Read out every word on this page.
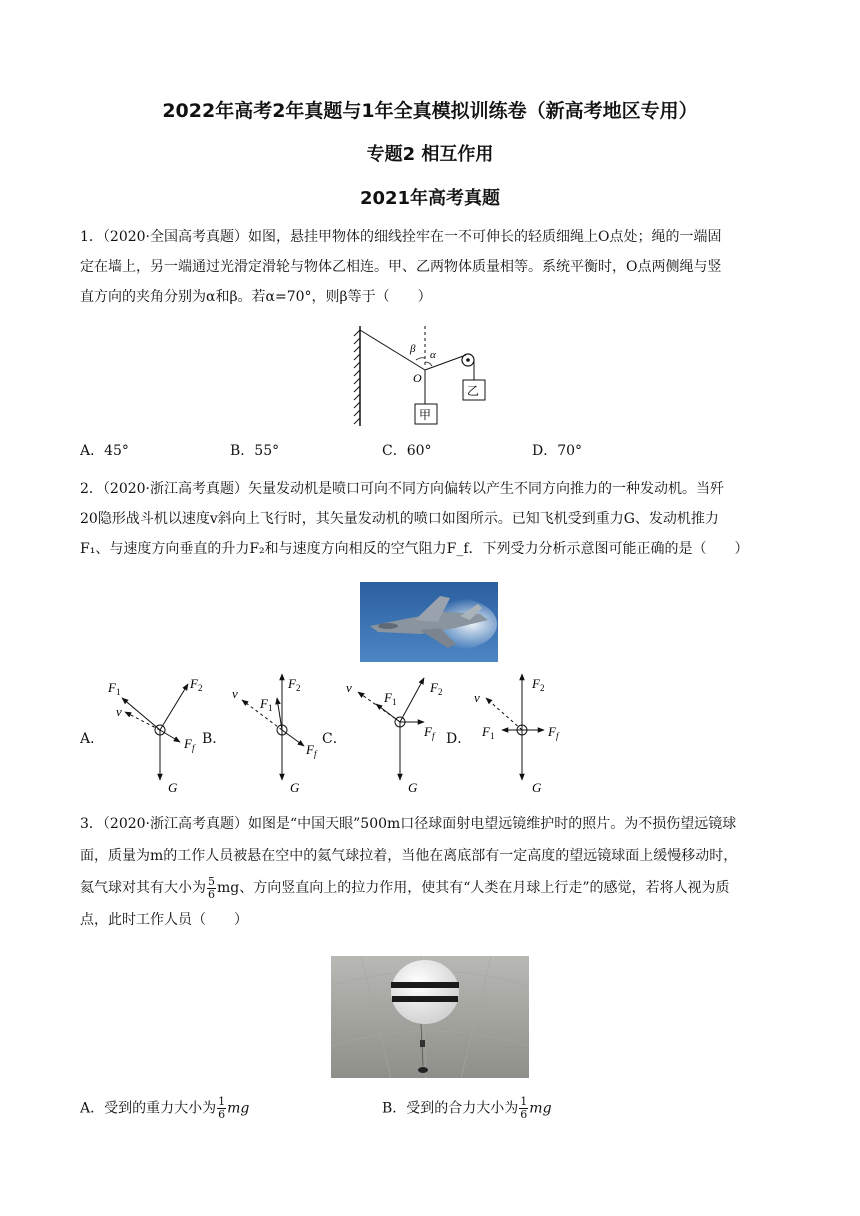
2022年高考2年真题与1年全真模拟训练卷（新高考地区专用）
专题2 相互作用
2021年高考真题
1．（2020·全国高考真题）如图，悬挂甲物体的细线拴牢在一不可伸长的轻质细绳上O点处；绳的一端固
定在墙上，另一端通过光滑定滑轮与物体乙相连。甲、乙两物体质量相等。系统平衡时，O点两侧绳与竖
直方向的夹角分别为α和β。若α=70°，则β等于（　　）
β α
O
甲
乙
A．45°	B．55°	C．60°	D．70°
2．（2020·浙江高考真题）矢量发动机是喷口可向不同方向偏转以产生不同方向推力的一种发动机。当歼
20隐形战斗机以速度v斜向上飞行时，其矢量发动机的喷口如图所示。已知飞机受到重力G、发动机推力
F₁、与速度方向垂直的升力F₂和与速度方向相反的空气阻力F_f．下列受力分析示意图可能正确的是（　　）
A．	B．	C．	D．
$F_1$
$F_2$
v
$F_f$
G
$F_2$
$F_1$
v
$F_f$
G
$F_2$
$F_1$
v
$F_f$
G
$F_2$
$F_1$
v
$F_f$
G
3．（2020·浙江高考真题）如图是“中国天眼”500m口径球面射电望远镜维护时的照片。为不损伤望远镜球
面，质量为m的工作人员被悬在空中的氦气球拉着，当他在离底部有一定高度的望远镜球面上缓慢移动时，
氦气球对其有大小为 $\frac{5}{6}$ mg、方向竖直向上的拉力作用，使其有“人类在月球上行走”的感觉，若将人视为质
点，此时工作人员（　　）
A．受到的重力大小为 $\frac{1}{6}$ mg	B．受到的合力大小为 $\frac{1}{6}$ mg
